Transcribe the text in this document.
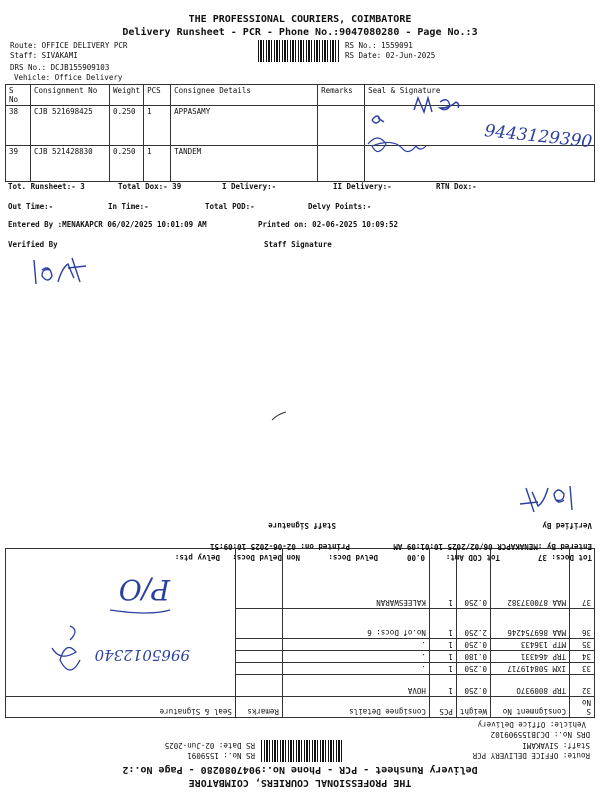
THE PROFESSIONAL COURIERS, COIMBATORE
Delivery Runsheet - PCR - Phone No.:9047080280 - Page No.:3
Route: OFFICE DELIVERY PCR
Staff: SIVAKAMI
DRS No.: DCJB155909103
Vehicle: Office Delivery
RS No.: 1559091
RS Date: 02-Jun-2025
S No	Consignment No	Weight	PCS	Consignee Details	Remarks	Seal & Signature
38	CJB 521698425	0.250	1	APPASAMY		
39	CJB 521428830	0.250	1	TANDEM			9443129390
Tot. Runsheet:- 3	Total Dox:- 39	I Delivery:-	II Delivery:-	RTN Dox:-
Out Time:-	In Time:-	Total POD:-	Delvy Points:-
Entered By :MENAKAPCR 06/02/2025 10:01:09 AM	Printed on: 02-06-2025 10:09:52
Verified By	Staff Signature
THE PROFESSIONAL COURIERS, COIMBATORE
Delivery Runsheet - PCR - Phone No.:9047080280 - Page No.:2
Route: OFFICE DELIVERY PCR
Staff: SIVAKAMI
DRS No.: DCJB155909102
Vehicle: Office Delivery
RS No.: 1559091
RS Date: 02-Jun-2025
S No	Consignment No	Weight	PCS	Consignee Details	Remarks	Seal & Signature
32	TRP 800937O	0.250	1	HOVA		
33	IXM 508419717	0.250	1	.		
34	TRP 464331	0.180	1	.		
35	MTP 136433	0.250	1	.		
36	MAA 869754246	2.250	1	No.of Docs: 6		
37	MAA 870037382	0.250	1	KALEESWARAN		
9965012340
P/O
Tot Docs: 37
Tot COD Amt:
0.00
Delvd Docs:
Non Delvd Docs:
Delvy pts:
Entered By :MENAKAPCR 06/02/2025 10:01:09 AM
Printed on: 02-06-2025 10:09:51
Verified By
Staff Signature
